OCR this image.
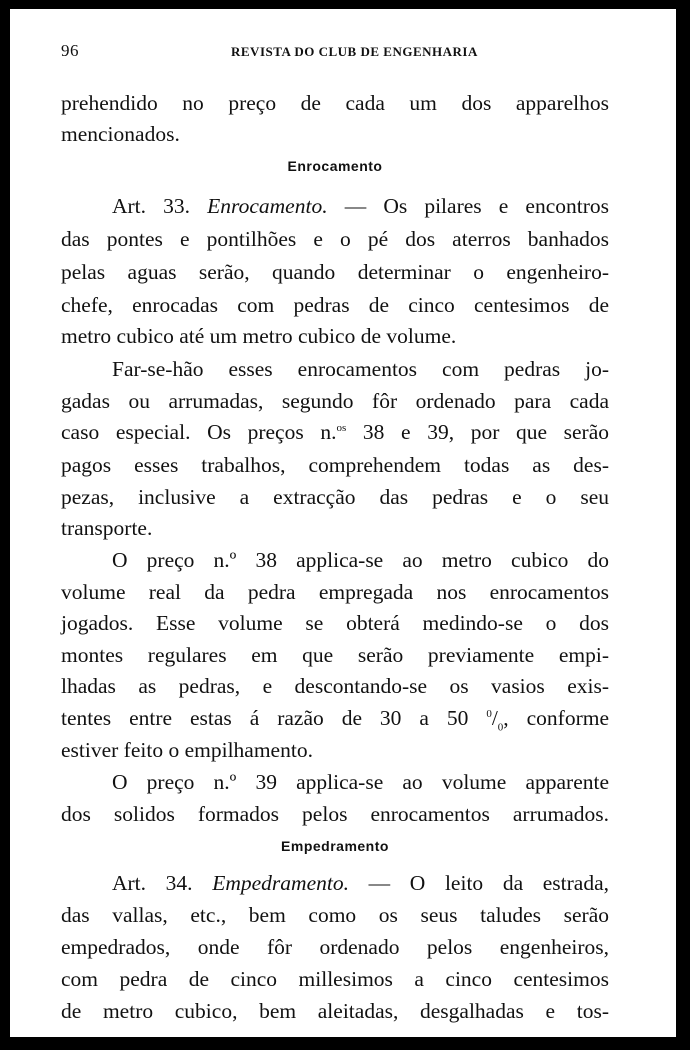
96	REVISTA DO CLUB DE ENGENHARIA
prehendido no preço de cada um dos apparelhos
mencionados.
Enrocamento
Art. 33. Enrocamento. — Os pilares e encontros
das pontes e pontilhões e o pé dos aterros banhados
pelas aguas serão, quando determinar o engenheiro-
chefe, enrocadas com pedras de cinco centesimos de
metro cubico até um metro cubico de volume.
Far-se-hão esses enrocamentos com pedras jo-
gadas ou arrumadas, segundo fôr ordenado para cada
caso especial. Os preços n.$^{os}$ 38 e 39, por que serão
pagos esses trabalhos, comprehendem todas as des-
pezas, inclusive a extracção das pedras e o seu
transporte.
O preço n.º 38 applica-se ao metro cubico do
volume real da pedra empregada nos enrocamentos
jogados. Esse volume se obterá medindo-se o dos
montes regulares em que serão previamente empi-
lhadas as pedras, e descontando-se os vasios exis-
tentes entre estas á razão de 30 a 50 $^0/_0$, conforme
estiver feito o empilhamento.
O preço n.º 39 applica-se ao volume apparente
dos solidos formados pelos enrocamentos arrumados.
Empedramento
Art. 34. Empedramento. — O leito da estrada,
das vallas, etc., bem como os seus taludes serão
empedrados, onde fôr ordenado pelos engenheiros,
com pedra de cinco millesimos a cinco centesimos
de metro cubico, bem aleitadas, desgalhadas e tos-
